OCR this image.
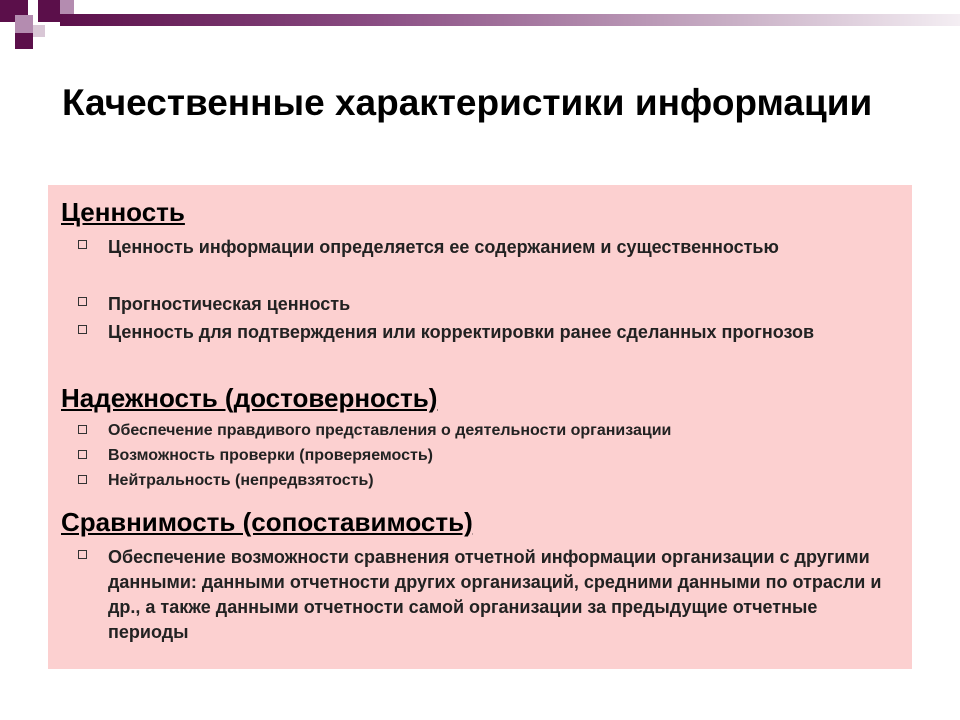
Качественные характеристики информации
Ценность
Ценность информации определяется ее содержанием и существенностью
Прогностическая ценность
Ценность для подтверждения или корректировки ранее сделанных прогнозов
Надежность (достоверность)
Обеспечение правдивого представления о деятельности организации
Возможность проверки (проверяемость)
Нейтральность (непредвзятость)
Сравнимость (сопоставимость)
Обеспечение возможности сравнения отчетной информации организации с другими данными: данными отчетности других организаций, средними данными по отрасли и др., а также данными отчетности самой организации за предыдущие отчетные периоды
